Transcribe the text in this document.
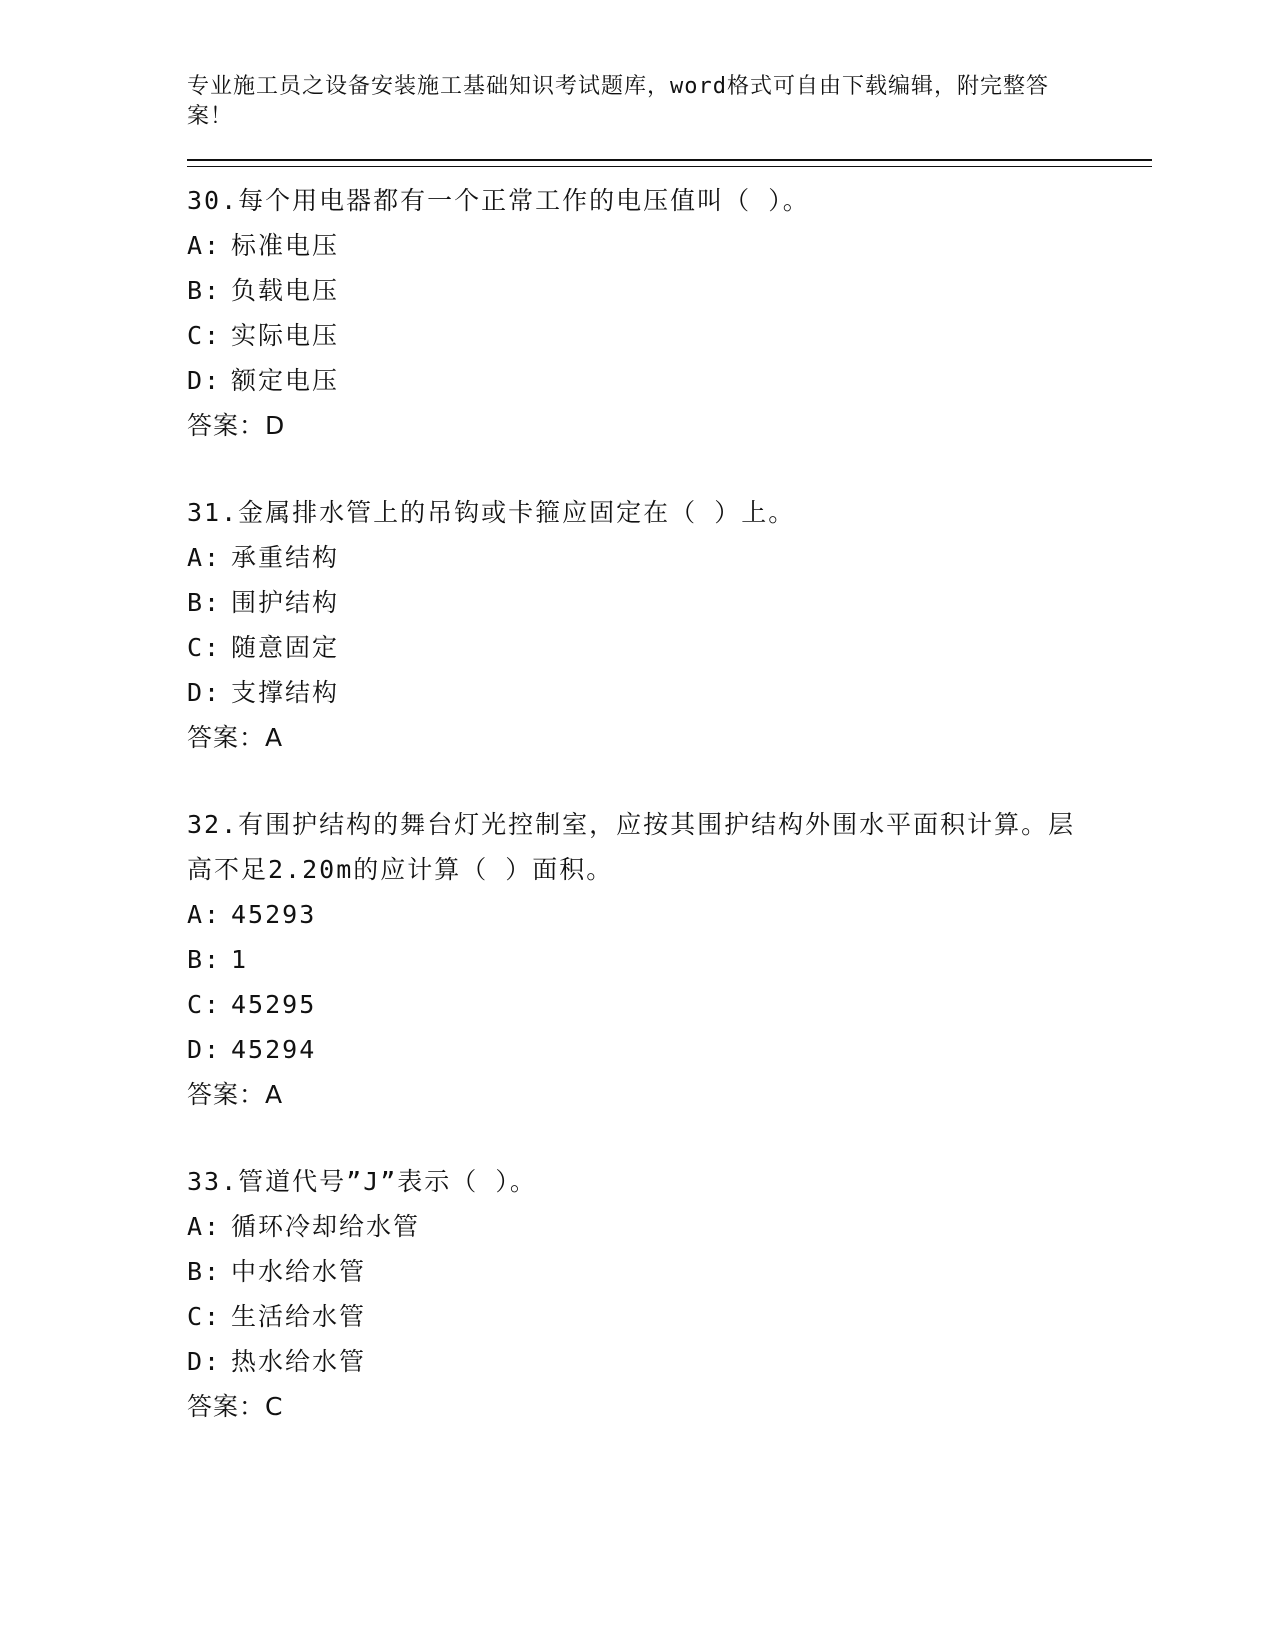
专业施工员之设备安装施工基础知识考试题库，word格式可自由下载编辑，附完整答案！

30.每个用电器都有一个正常工作的电压值叫（ ）。
A: 标准电压
B: 负载电压
C: 实际电压
D: 额定电压
答案：D
31.金属排水管上的吊钩或卡箍应固定在（ ）上。
A: 承重结构
B: 围护结构
C: 随意固定
D: 支撑结构
答案：A
32.有围护结构的舞台灯光控制室，应按其围护结构外围水平面积计算。层高不足2.20m的应计算（ ）面积。
A: 45293
B: 1
C: 45295
D: 45294
答案：A
33.管道代号”J”表示（ ）。
A: 循环冷却给水管
B: 中水给水管
C: 生活给水管
D: 热水给水管
答案：C
